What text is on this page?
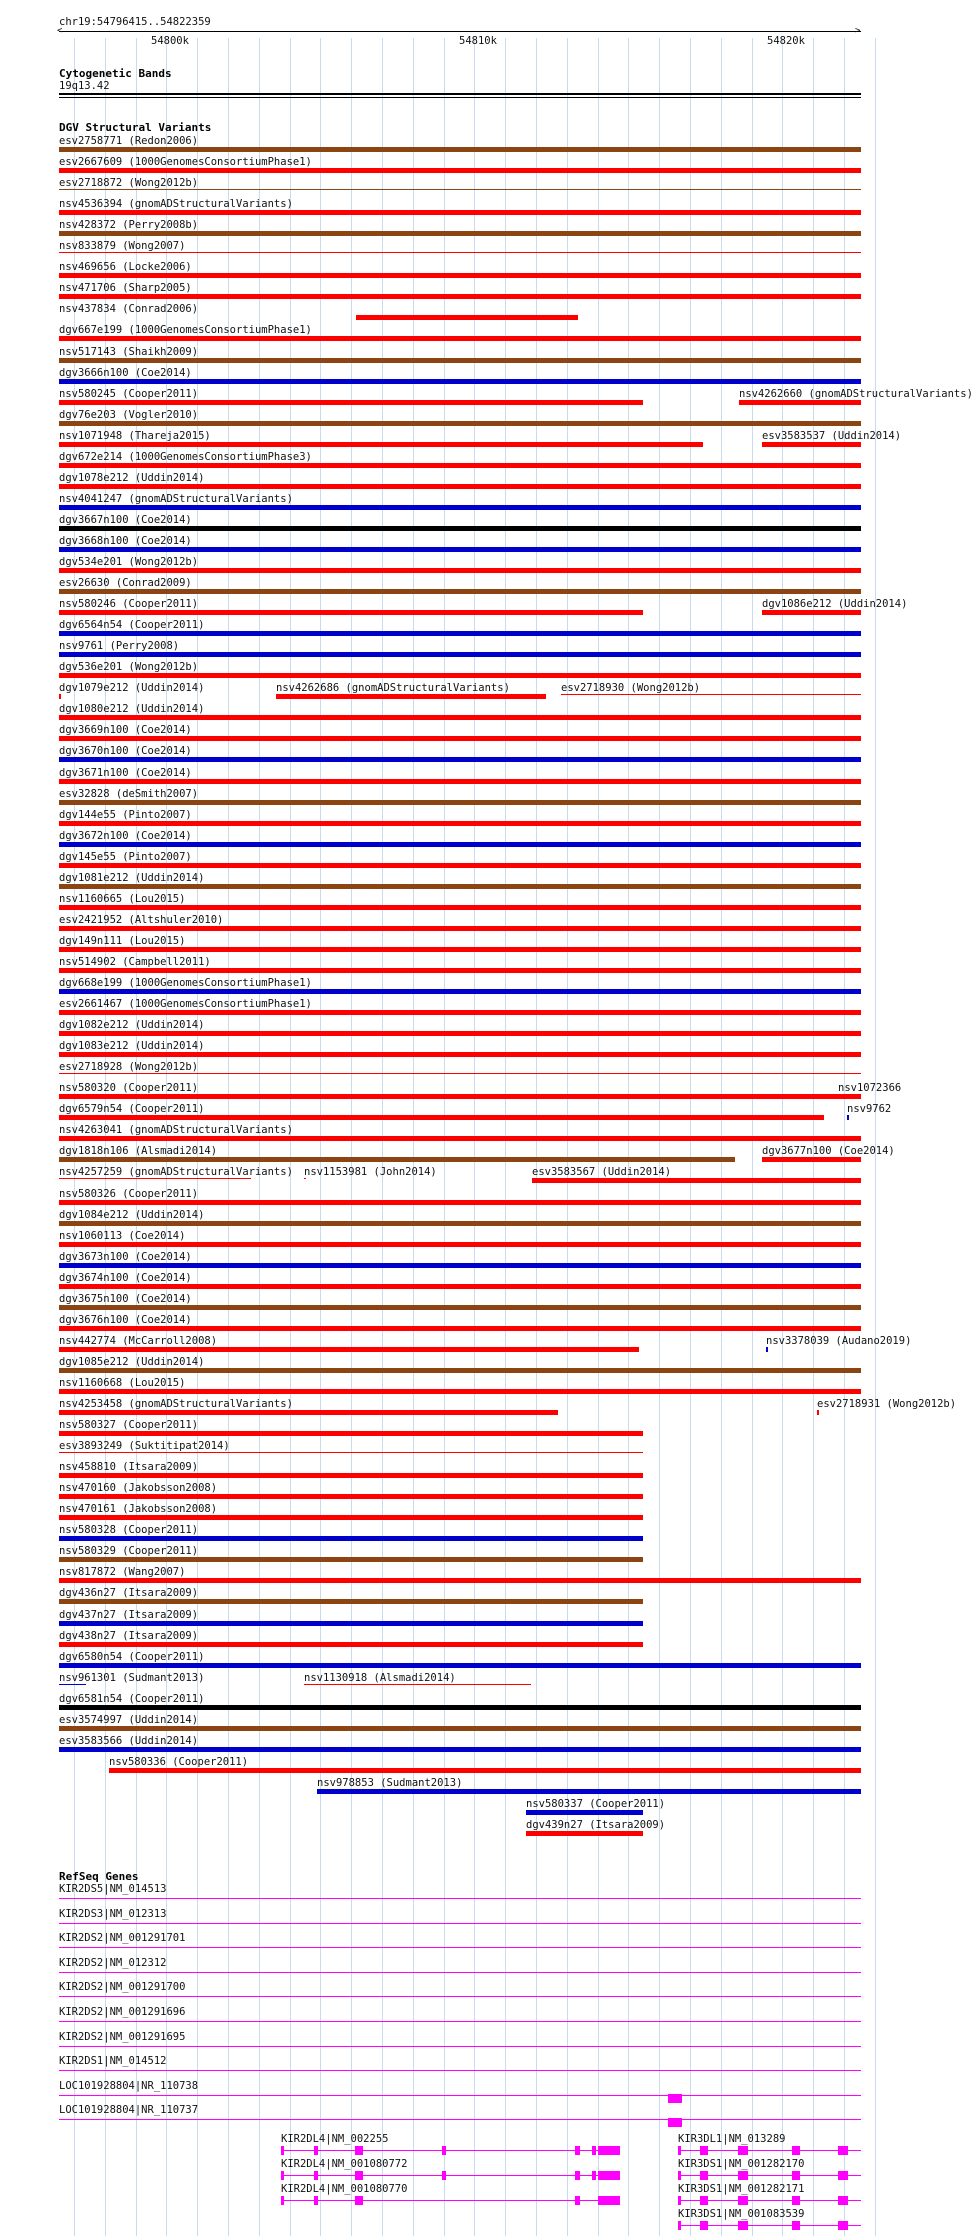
chr19:54796415..54822359
<	>
54800k	54810k	54820k
Cytogenetic Bands
19q13.42
DGV Structural Variants
esv2758771 (Redon2006)
esv2667609 (1000GenomesConsortiumPhase1)
esv2718872 (Wong2012b)
nsv4536394 (gnomADStructuralVariants)
nsv428372 (Perry2008b)
nsv833879 (Wong2007)
nsv469656 (Locke2006)
nsv471706 (Sharp2005)
nsv437834 (Conrad2006)
dgv667e199 (1000GenomesConsortiumPhase1)
nsv517143 (Shaikh2009)
dgv3666n100 (Coe2014)
nsv580245 (Cooper2011)	nsv4262660 (gnomADStructuralVariants)
dgv76e203 (Vogler2010)
nsv1071948 (Thareja2015)	esv3583537 (Uddin2014)
dgv672e214 (1000GenomesConsortiumPhase3)
dgv1078e212 (Uddin2014)
nsv4041247 (gnomADStructuralVariants)
dgv3667n100 (Coe2014)
dgv3668n100 (Coe2014)
dgv534e201 (Wong2012b)
esv26630 (Conrad2009)
nsv580246 (Cooper2011)	dgv1086e212 (Uddin2014)
dgv6564n54 (Cooper2011)
nsv9761 (Perry2008)
dgv536e201 (Wong2012b)
dgv1079e212 (Uddin2014)	nsv4262686 (gnomADStructuralVariants)	esv2718930 (Wong2012b)
dgv1080e212 (Uddin2014)
dgv3669n100 (Coe2014)
dgv3670n100 (Coe2014)
dgv3671n100 (Coe2014)
esv32828 (deSmith2007)
dgv144e55 (Pinto2007)
dgv3672n100 (Coe2014)
dgv145e55 (Pinto2007)
dgv1081e212 (Uddin2014)
nsv1160665 (Lou2015)
esv2421952 (Altshuler2010)
dgv149n111 (Lou2015)
nsv514902 (Campbell2011)
dgv668e199 (1000GenomesConsortiumPhase1)
esv2661467 (1000GenomesConsortiumPhase1)
dgv1082e212 (Uddin2014)
dgv1083e212 (Uddin2014)
esv2718928 (Wong2012b)
nsv580320 (Cooper2011)	nsv1072366
dgv6579n54 (Cooper2011)	nsv9762
nsv4263041 (gnomADStructuralVariants)
dgv1818n106 (Alsmadi2014)	dgv3677n100 (Coe2014)
nsv4257259 (gnomADStructuralVariants) nsv1153981 (John2014)	esv3583567 (Uddin2014)
nsv580326 (Cooper2011)
dgv1084e212 (Uddin2014)
nsv1060113 (Coe2014)
dgv3673n100 (Coe2014)
dgv3674n100 (Coe2014)
dgv3675n100 (Coe2014)
dgv3676n100 (Coe2014)
nsv442774 (McCarroll2008)	nsv3378039 (Audano2019)
dgv1085e212 (Uddin2014)
nsv1160668 (Lou2015)
nsv4253458 (gnomADStructuralVariants)	esv2718931 (Wong2012b)
nsv580327 (Cooper2011)
esv3893249 (Suktitipat2014)
nsv458810 (Itsara2009)
nsv470160 (Jakobsson2008)
nsv470161 (Jakobsson2008)
nsv580328 (Cooper2011)
nsv580329 (Cooper2011)
nsv817872 (Wang2007)
dgv436n27 (Itsara2009)
dgv437n27 (Itsara2009)
dgv438n27 (Itsara2009)
dgv6580n54 (Cooper2011)
nsv961301 (Sudmant2013)	nsv1130918 (Alsmadi2014)
dgv6581n54 (Cooper2011)
esv3574997 (Uddin2014)
esv3583566 (Uddin2014)
nsv580336 (Cooper2011)
nsv978853 (Sudmant2013)
nsv580337 (Cooper2011)
dgv439n27 (Itsara2009)
RefSeq Genes
KIR2DS5|NM_014513
KIR2DS3|NM_012313
KIR2DS2|NM_001291701
KIR2DS2|NM_012312
KIR2DS2|NM_001291700
KIR2DS2|NM_001291696
KIR2DS2|NM_001291695
KIR2DS1|NM_014512
LOC101928804|NR_110738
LOC101928804|NR_110737
KIR2DL4|NM_002255
KIR2DL4|NM_001080772
KIR2DL4|NM_001080770
KIR3DL1|NM_013289
KIR3DS1|NM_001282170
KIR3DS1|NM_001282171
KIR3DS1|NM_001083539
